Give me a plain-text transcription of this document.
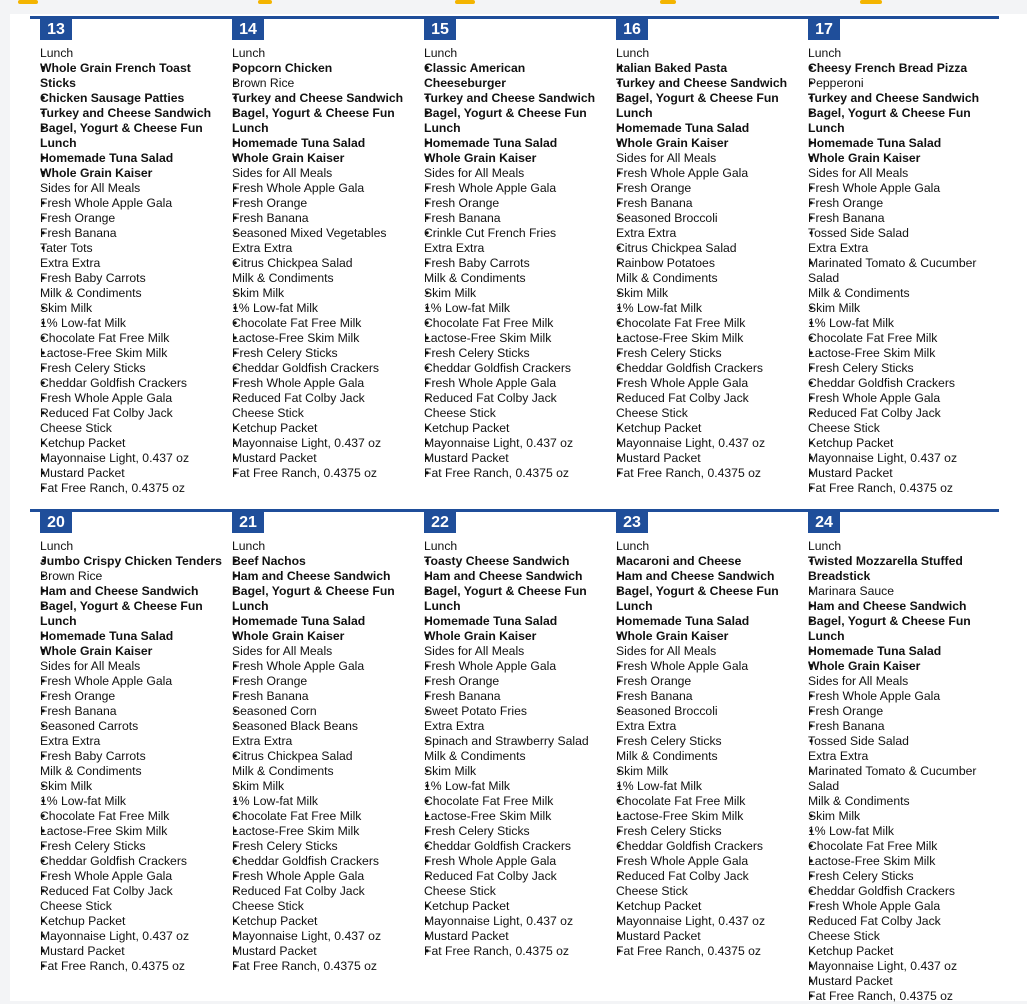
13
Lunch
• Whole Grain French Toast
Sticks
• Chicken Sausage Patties
• Turkey and Cheese Sandwich
• Bagel, Yogurt & Cheese Fun
Lunch
• Homemade Tuna Salad
• Whole Grain Kaiser
Sides for All Meals
• Fresh Whole Apple Gala
• Fresh Orange
• Fresh Banana
• Tater Tots
Extra Extra
• Fresh Baby Carrots
Milk & Condiments
• Skim Milk
• 1% Low-fat Milk
• Chocolate Fat Free Milk
• Lactose-Free Skim Milk
• Fresh Celery Sticks
• Cheddar Goldfish Crackers
• Fresh Whole Apple Gala
• Reduced Fat Colby Jack
Cheese Stick
• Ketchup Packet
• Mayonnaise Light, 0.437 oz
• Mustard Packet
• Fat Free Ranch, 0.4375 oz
14
Lunch
• Popcorn Chicken
• Brown Rice
• Turkey and Cheese Sandwich
• Bagel, Yogurt & Cheese Fun
Lunch
• Homemade Tuna Salad
• Whole Grain Kaiser
Sides for All Meals
• Fresh Whole Apple Gala
• Fresh Orange
• Fresh Banana
• Seasoned Mixed Vegetables
Extra Extra
• Citrus Chickpea Salad
Milk & Condiments
• Skim Milk
• 1% Low-fat Milk
• Chocolate Fat Free Milk
• Lactose-Free Skim Milk
• Fresh Celery Sticks
• Cheddar Goldfish Crackers
• Fresh Whole Apple Gala
• Reduced Fat Colby Jack
Cheese Stick
• Ketchup Packet
• Mayonnaise Light, 0.437 oz
• Mustard Packet
• Fat Free Ranch, 0.4375 oz
15
Lunch
• Classic American
Cheeseburger
• Turkey and Cheese Sandwich
• Bagel, Yogurt & Cheese Fun
Lunch
• Homemade Tuna Salad
• Whole Grain Kaiser
Sides for All Meals
• Fresh Whole Apple Gala
• Fresh Orange
• Fresh Banana
• Crinkle Cut French Fries
Extra Extra
• Fresh Baby Carrots
Milk & Condiments
• Skim Milk
• 1% Low-fat Milk
• Chocolate Fat Free Milk
• Lactose-Free Skim Milk
• Fresh Celery Sticks
• Cheddar Goldfish Crackers
• Fresh Whole Apple Gala
• Reduced Fat Colby Jack
Cheese Stick
• Ketchup Packet
• Mayonnaise Light, 0.437 oz
• Mustard Packet
• Fat Free Ranch, 0.4375 oz
16
Lunch
• Italian Baked Pasta
• Turkey and Cheese Sandwich
• Bagel, Yogurt & Cheese Fun
Lunch
• Homemade Tuna Salad
• Whole Grain Kaiser
Sides for All Meals
• Fresh Whole Apple Gala
• Fresh Orange
• Fresh Banana
• Seasoned Broccoli
Extra Extra
• Citrus Chickpea Salad
• Rainbow Potatoes
Milk & Condiments
• Skim Milk
• 1% Low-fat Milk
• Chocolate Fat Free Milk
• Lactose-Free Skim Milk
• Fresh Celery Sticks
• Cheddar Goldfish Crackers
• Fresh Whole Apple Gala
• Reduced Fat Colby Jack
Cheese Stick
• Ketchup Packet
• Mayonnaise Light, 0.437 oz
• Mustard Packet
• Fat Free Ranch, 0.4375 oz
17
Lunch
• Cheesy French Bread Pizza
• Pepperoni
• Turkey and Cheese Sandwich
• Bagel, Yogurt & Cheese Fun
Lunch
• Homemade Tuna Salad
• Whole Grain Kaiser
Sides for All Meals
• Fresh Whole Apple Gala
• Fresh Orange
• Fresh Banana
• Tossed Side Salad
Extra Extra
• Marinated Tomato & Cucumber
Salad
Milk & Condiments
• Skim Milk
• 1% Low-fat Milk
• Chocolate Fat Free Milk
• Lactose-Free Skim Milk
• Fresh Celery Sticks
• Cheddar Goldfish Crackers
• Fresh Whole Apple Gala
• Reduced Fat Colby Jack
Cheese Stick
• Ketchup Packet
• Mayonnaise Light, 0.437 oz
• Mustard Packet
• Fat Free Ranch, 0.4375 oz
20
Lunch
• Jumbo Crispy Chicken Tenders
• Brown Rice
• Ham and Cheese Sandwich
• Bagel, Yogurt & Cheese Fun
Lunch
• Homemade Tuna Salad
• Whole Grain Kaiser
Sides for All Meals
• Fresh Whole Apple Gala
• Fresh Orange
• Fresh Banana
• Seasoned Carrots
Extra Extra
• Fresh Baby Carrots
Milk & Condiments
• Skim Milk
• 1% Low-fat Milk
• Chocolate Fat Free Milk
• Lactose-Free Skim Milk
• Fresh Celery Sticks
• Cheddar Goldfish Crackers
• Fresh Whole Apple Gala
• Reduced Fat Colby Jack
Cheese Stick
• Ketchup Packet
• Mayonnaise Light, 0.437 oz
• Mustard Packet
• Fat Free Ranch, 0.4375 oz
21
Lunch
• Beef Nachos
• Ham and Cheese Sandwich
• Bagel, Yogurt & Cheese Fun
Lunch
• Homemade Tuna Salad
• Whole Grain Kaiser
Sides for All Meals
• Fresh Whole Apple Gala
• Fresh Orange
• Fresh Banana
• Seasoned Corn
• Seasoned Black Beans
Extra Extra
• Citrus Chickpea Salad
Milk & Condiments
• Skim Milk
• 1% Low-fat Milk
• Chocolate Fat Free Milk
• Lactose-Free Skim Milk
• Fresh Celery Sticks
• Cheddar Goldfish Crackers
• Fresh Whole Apple Gala
• Reduced Fat Colby Jack
Cheese Stick
• Ketchup Packet
• Mayonnaise Light, 0.437 oz
• Mustard Packet
• Fat Free Ranch, 0.4375 oz
22
Lunch
• Toasty Cheese Sandwich
• Ham and Cheese Sandwich
• Bagel, Yogurt & Cheese Fun
Lunch
• Homemade Tuna Salad
• Whole Grain Kaiser
Sides for All Meals
• Fresh Whole Apple Gala
• Fresh Orange
• Fresh Banana
• Sweet Potato Fries
Extra Extra
• Spinach and Strawberry Salad
Milk & Condiments
• Skim Milk
• 1% Low-fat Milk
• Chocolate Fat Free Milk
• Lactose-Free Skim Milk
• Fresh Celery Sticks
• Cheddar Goldfish Crackers
• Fresh Whole Apple Gala
• Reduced Fat Colby Jack
Cheese Stick
• Ketchup Packet
• Mayonnaise Light, 0.437 oz
• Mustard Packet
• Fat Free Ranch, 0.4375 oz
23
Lunch
• Macaroni and Cheese
• Ham and Cheese Sandwich
• Bagel, Yogurt & Cheese Fun
Lunch
• Homemade Tuna Salad
• Whole Grain Kaiser
Sides for All Meals
• Fresh Whole Apple Gala
• Fresh Orange
• Fresh Banana
• Seasoned Broccoli
Extra Extra
• Fresh Celery Sticks
Milk & Condiments
• Skim Milk
• 1% Low-fat Milk
• Chocolate Fat Free Milk
• Lactose-Free Skim Milk
• Fresh Celery Sticks
• Cheddar Goldfish Crackers
• Fresh Whole Apple Gala
• Reduced Fat Colby Jack
Cheese Stick
• Ketchup Packet
• Mayonnaise Light, 0.437 oz
• Mustard Packet
• Fat Free Ranch, 0.4375 oz
24
Lunch
• Twisted Mozzarella Stuffed
Breadstick
• Marinara Sauce
• Ham and Cheese Sandwich
• Bagel, Yogurt & Cheese Fun
Lunch
• Homemade Tuna Salad
• Whole Grain Kaiser
Sides for All Meals
• Fresh Whole Apple Gala
• Fresh Orange
• Fresh Banana
• Tossed Side Salad
Extra Extra
• Marinated Tomato & Cucumber
Salad
Milk & Condiments
• Skim Milk
• 1% Low-fat Milk
• Chocolate Fat Free Milk
• Lactose-Free Skim Milk
• Fresh Celery Sticks
• Cheddar Goldfish Crackers
• Fresh Whole Apple Gala
• Reduced Fat Colby Jack
Cheese Stick
• Ketchup Packet
• Mayonnaise Light, 0.437 oz
• Mustard Packet
• Fat Free Ranch, 0.4375 oz
